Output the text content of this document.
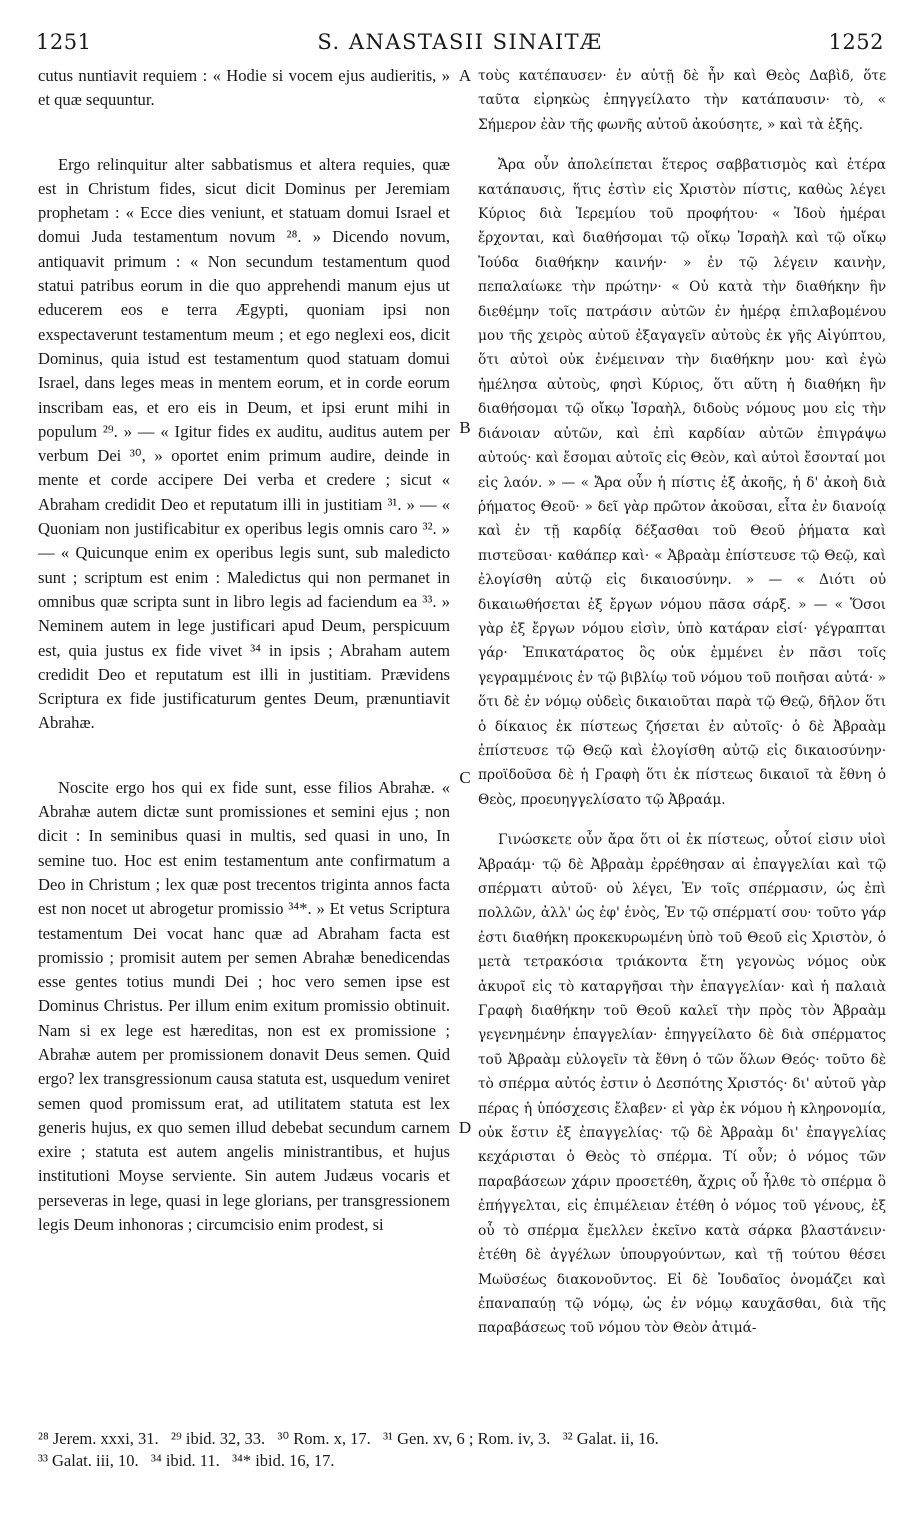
1251	S. ANASTASII SINAITÆ	1252

cutus nuntiavit requiem : « Hodie si vocem ejus audieritis, » et quæ sequuntur.

Ergo relinquitur alter sabbatismus et altera requies, quæ est in Christum fides, sicut dicit Dominus per Jeremiam prophetam : « Ecce dies veniunt, et statuam domui Israel et domui Juda testamentum novum ²⁸. » Dicendo novum, antiquavit primum : « Non secundum testamentum quod statui patribus eorum in die quo apprehendi manum ejus ut educerem eos e terra Ægypti, quoniam ipsi non exspectaverunt testamentum meum ; et ego neglexi eos, dicit Dominus, quia istud est testamentum quod statuam domui Israel, dans leges meas in mentem eorum, et in corde eorum inscribam eas, et ero eis in Deum, et ipsi erunt mihi in populum ²⁹. » — « Igitur fides ex auditu, auditus autem per verbum Dei ³⁰, » oportet enim primum audire, deinde in mente et corde accipere Dei verba et credere ; sicut « Abraham credidit Deo et reputatum illi in justitiam ³¹. » — « Quoniam non justificabitur ex operibus legis omnis caro ³². » — « Quicunque enim ex operibus legis sunt, sub maledicto sunt ; scriptum est enim : Maledictus qui non permanet in omnibus quæ scripta sunt in libro legis ad faciendum ea ³³. » Neminem autem in lege justificari apud Deum, perspicuum est, quia justus ex fide vivet ³⁴ in ipsis ; Abraham autem credidit Deo et reputatum est illi in justitiam. Prævidens Scriptura ex fide justificaturum gentes Deum, prænuntiavit Abrahæ.

Noscite ergo hos qui ex fide sunt, esse filios Abrahæ. « Abrahæ autem dictæ sunt promissiones et semini ejus ; non dicit : In seminibus quasi in multis, sed quasi in uno, In semine tuo. Hoc est enim testamentum ante confirmatum a Deo in Christum ; lex quæ post trecentos triginta annos facta est non nocet ut abrogetur promissio ³⁴*. » Et vetus Scriptura testamentum Dei vocat hanc quæ ad Abraham facta est promissio ; promisit autem per semen Abrahæ benedicendas esse gentes totius mundi Dei ; hoc vero semen ipse est Dominus Christus. Per illum enim exitum promissio obtinuit. Nam si ex lege est hæreditas, non est ex promissione ; Abrahæ autem per promissionem donavit Deus semen. Quid ergo? lex transgressionum causa statuta est, usquedum veniret semen quod promissum erat, ad utilitatem statuta est lex generis hujus, ex quo semen illud debebat secundum carnem exire ; statuta est autem angelis ministrantibus, et hujus institutioni Moyse serviente. Sin autem Judæus vocaris et perseveras in lege, quasi in lege glorians, per transgressionem legis Deum inhonoras ; circumcisio enim prodest, si

A
B
C
D

τοὺς κατέπαυσεν· ἐν αὐτῇ δὲ ἦν καὶ Θεὸς Δαβὶδ, ὅτε ταῦτα εἰρηκὼς ἐπηγγείλατο τὴν κατάπαυσιν· τὸ, « Σήμερον ἐὰν τῆς φωνῆς αὐτοῦ ἀκούσητε, » καὶ τὰ ἑξῆς.

Ἄρα οὖν ἀπολείπεται ἕτερος σαββατισμὸς καὶ ἑτέρα κατάπαυσις, ἥτις ἐστὶν εἰς Χριστὸν πίστις, καθὼς λέγει Κύριος διὰ Ἱερεμίου τοῦ προφήτου· « Ἰδοὺ ἡμέραι ἔρχονται, καὶ διαθήσομαι τῷ οἴκῳ Ἰσραὴλ καὶ τῷ οἴκῳ Ἰούδα διαθήκην καινήν· » ἐν τῷ λέγειν καινὴν, πεπαλαίωκε τὴν πρώτην· « Οὐ κατὰ τὴν διαθήκην ἣν διεθέμην τοῖς πατράσιν αὐτῶν ἐν ἡμέρᾳ ἐπιλαβομένου μου τῆς χειρὸς αὐτοῦ ἐξαγαγεῖν αὐτοὺς ἐκ γῆς Αἰγύπτου, ὅτι αὐτοὶ οὐκ ἐνέμειναν τὴν διαθήκην μου· καὶ ἐγὼ ἠμέλησα αὐτοὺς, φησὶ Κύριος, ὅτι αὕτη ἡ διαθήκη ἣν διαθήσομαι τῷ οἴκῳ Ἰσραὴλ, διδοὺς νόμους μου εἰς τὴν διάνοιαν αὐτῶν, καὶ ἐπὶ καρδίαν αὐτῶν ἐπιγράψω αὐτούς· καὶ ἔσομαι αὐτοῖς εἰς Θεὸν, καὶ αὐτοὶ ἔσονταί μοι εἰς λαόν. » — « Ἄρα οὖν ἡ πίστις ἐξ ἀκοῆς, ἡ δ' ἀκοὴ διὰ ῥήματος Θεοῦ· » δεῖ γὰρ πρῶτον ἀκοῦσαι, εἶτα ἐν διανοίᾳ καὶ ἐν τῇ καρδίᾳ δέξασθαι τοῦ Θεοῦ ῥήματα καὶ πιστεῦσαι· καθάπερ καὶ· « Ἀβραὰμ ἐπίστευσε τῷ Θεῷ, καὶ ἐλογίσθη αὐτῷ εἰς δικαιοσύνην. » — « Διότι οὐ δικαιωθήσεται ἐξ ἔργων νόμου πᾶσα σάρξ. » — « Ὅσοι γὰρ ἐξ ἔργων νόμου εἰσὶν, ὑπὸ κατάραν εἰσί· γέγραπται γάρ· Ἐπικατάρατος ὃς οὐκ ἐμμένει ἐν πᾶσι τοῖς γεγραμμένοις ἐν τῷ βιβλίῳ τοῦ νόμου τοῦ ποιῆσαι αὐτά· » ὅτι δὲ ἐν νόμῳ οὐδεὶς δικαιοῦται παρὰ τῷ Θεῷ, δῆλον ὅτι ὁ δίκαιος ἐκ πίστεως ζήσεται ἐν αὐτοῖς· ὁ δὲ Ἀβραὰμ ἐπίστευσε τῷ Θεῷ καὶ ἐλογίσθη αὐτῷ εἰς δικαιοσύνην· προϊδοῦσα δὲ ἡ Γραφὴ ὅτι ἐκ πίστεως δικαιοῖ τὰ ἔθνη ὁ Θεὸς, προευηγγελίσατο τῷ Ἀβραάμ.

Γινώσκετε οὖν ἄρα ὅτι οἱ ἐκ πίστεως, οὗτοί εἰσιν υἱοὶ Ἀβραάμ· τῷ δὲ Ἀβραὰμ ἐρρέθησαν αἱ ἐπαγγελίαι καὶ τῷ σπέρματι αὐτοῦ· οὐ λέγει, Ἐν τοῖς σπέρμασιν, ὡς ἐπὶ πολλῶν, ἀλλ' ὡς ἐφ' ἑνὸς, Ἐν τῷ σπέρματί σου· τοῦτο γάρ ἐστι διαθήκη προκεκυρωμένη ὑπὸ τοῦ Θεοῦ εἰς Χριστὸν, ὁ μετὰ τετρακόσια τριάκοντα ἔτη γεγονὼς νόμος οὐκ ἀκυροῖ εἰς τὸ καταργῆσαι τὴν ἐπαγγελίαν· καὶ ἡ παλαιὰ Γραφὴ διαθήκην τοῦ Θεοῦ καλεῖ τὴν πρὸς τὸν Ἀβραὰμ γεγενημένην ἐπαγγελίαν· ἐπηγγείλατο δὲ διὰ σπέρματος τοῦ Ἀβραὰμ εὐλογεῖν τὰ ἔθνη ὁ τῶν ὅλων Θεός· τοῦτο δὲ τὸ σπέρμα αὐτός ἐστιν ὁ Δεσπότης Χριστός· δι' αὐτοῦ γὰρ πέρας ἡ ὑπόσχεσις ἔλαβεν· εἰ γὰρ ἐκ νόμου ἡ κληρονομία, οὐκ ἔστιν ἐξ ἐπαγγελίας· τῷ δὲ Ἀβραὰμ δι' ἐπαγγελίας κεχάρισται ὁ Θεὸς τὸ σπέρμα. Τί οὖν; ὁ νόμος τῶν παραβάσεων χάριν προσετέθη, ἄχρις οὗ ἦλθε τὸ σπέρμα ὃ ἐπήγγελται, εἰς ἐπιμέλειαν ἐτέθη ὁ νόμος τοῦ γένους, ἐξ οὗ τὸ σπέρμα ἔμελλεν ἐκεῖνο κατὰ σάρκα βλαστάνειν· ἐτέθη δὲ ἀγγέλων ὑπουργούντων, καὶ τῇ τούτου θέσει Μωϋσέως διακονοῦντος. Εἰ δὲ Ἰουδαῖος ὀνομάζει καὶ ἐπαναπαύῃ τῷ νόμῳ, ὡς ἐν νόμῳ καυχᾶσθαι, διὰ τῆς παραβάσεως τοῦ νόμου τὸν Θεὸν ἀτιμά-

²⁸ Jerem. xxxi, 31.   ²⁹ ibid. 32, 33.   ³⁰ Rom. x, 17.   ³¹ Gen. xv, 6 ; Rom. iv, 3.   ³² Galat. ii, 16.
³³ Galat. iii, 10.   ³⁴ ibid. 11.   ³⁴* ibid. 16, 17.
